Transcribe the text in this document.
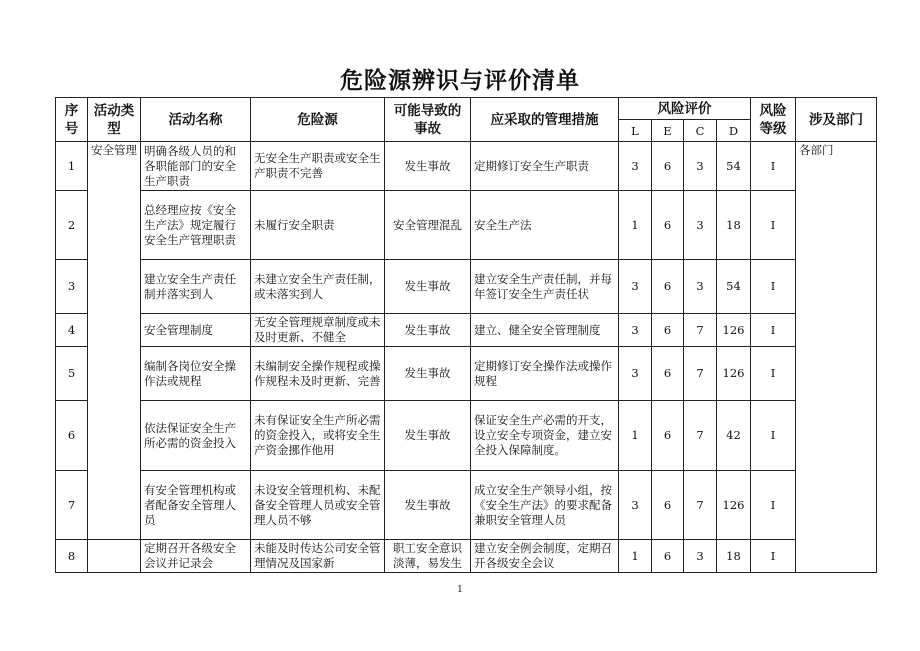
危险源辨识与评价清单
序号	活动类型	活动名称	危险源	可能导致的事故	应采取的管理措施	风险评价				风险等级	涉及部门
						L	E	C	D		
1	安全管理	明确各级人员的和各职能部门的安全生产职责	无安全生产职责或安全生产职责不完善	发生事故	定期修订安全生产职责	3	6	3	54	I	各部门
2		总经理应按《安全生产法》规定履行安全生产管理职责	未履行安全职责	安全管理混乱	安全生产法	1	6	3	18	I	
3		建立安全生产责任制并落实到人	未建立安全生产责任制，或未落实到人	发生事故	建立安全生产责任制，并每年签订安全生产责任状	3	6	3	54	I	
4		安全管理制度	无安全管理规章制度或未及时更新、不健全	发生事故	建立、健全安全管理制度	3	6	7	126	I	
5		编制各岗位安全操作法或规程	未编制安全操作规程或操作规程未及时更新、完善	发生事故	定期修订安全操作法或操作规程	3	6	7	126	I	
6		依法保证安全生产所必需的资金投入	未有保证安全生产所必需的资金投入，或将安全生产资金挪作他用	发生事故	保证安全生产必需的开支，设立安全专项资金，建立安全投入保障制度。	1	6	7	42	I	
7		有安全管理机构或者配备安全管理人员	未设安全管理机构、未配备安全管理人员或安全管理人员不够	发生事故	成立安全生产领导小组，按《安全生产法》的要求配备兼职安全管理人员	3	6	7	126	I	
8		定期召开各级安全会议并记录会	未能及时传达公司安全管理情况及国家新	职工安全意识淡薄，易发生	建立安全例会制度，定期召开各级安全会议	1	6	3	18	I	
1
